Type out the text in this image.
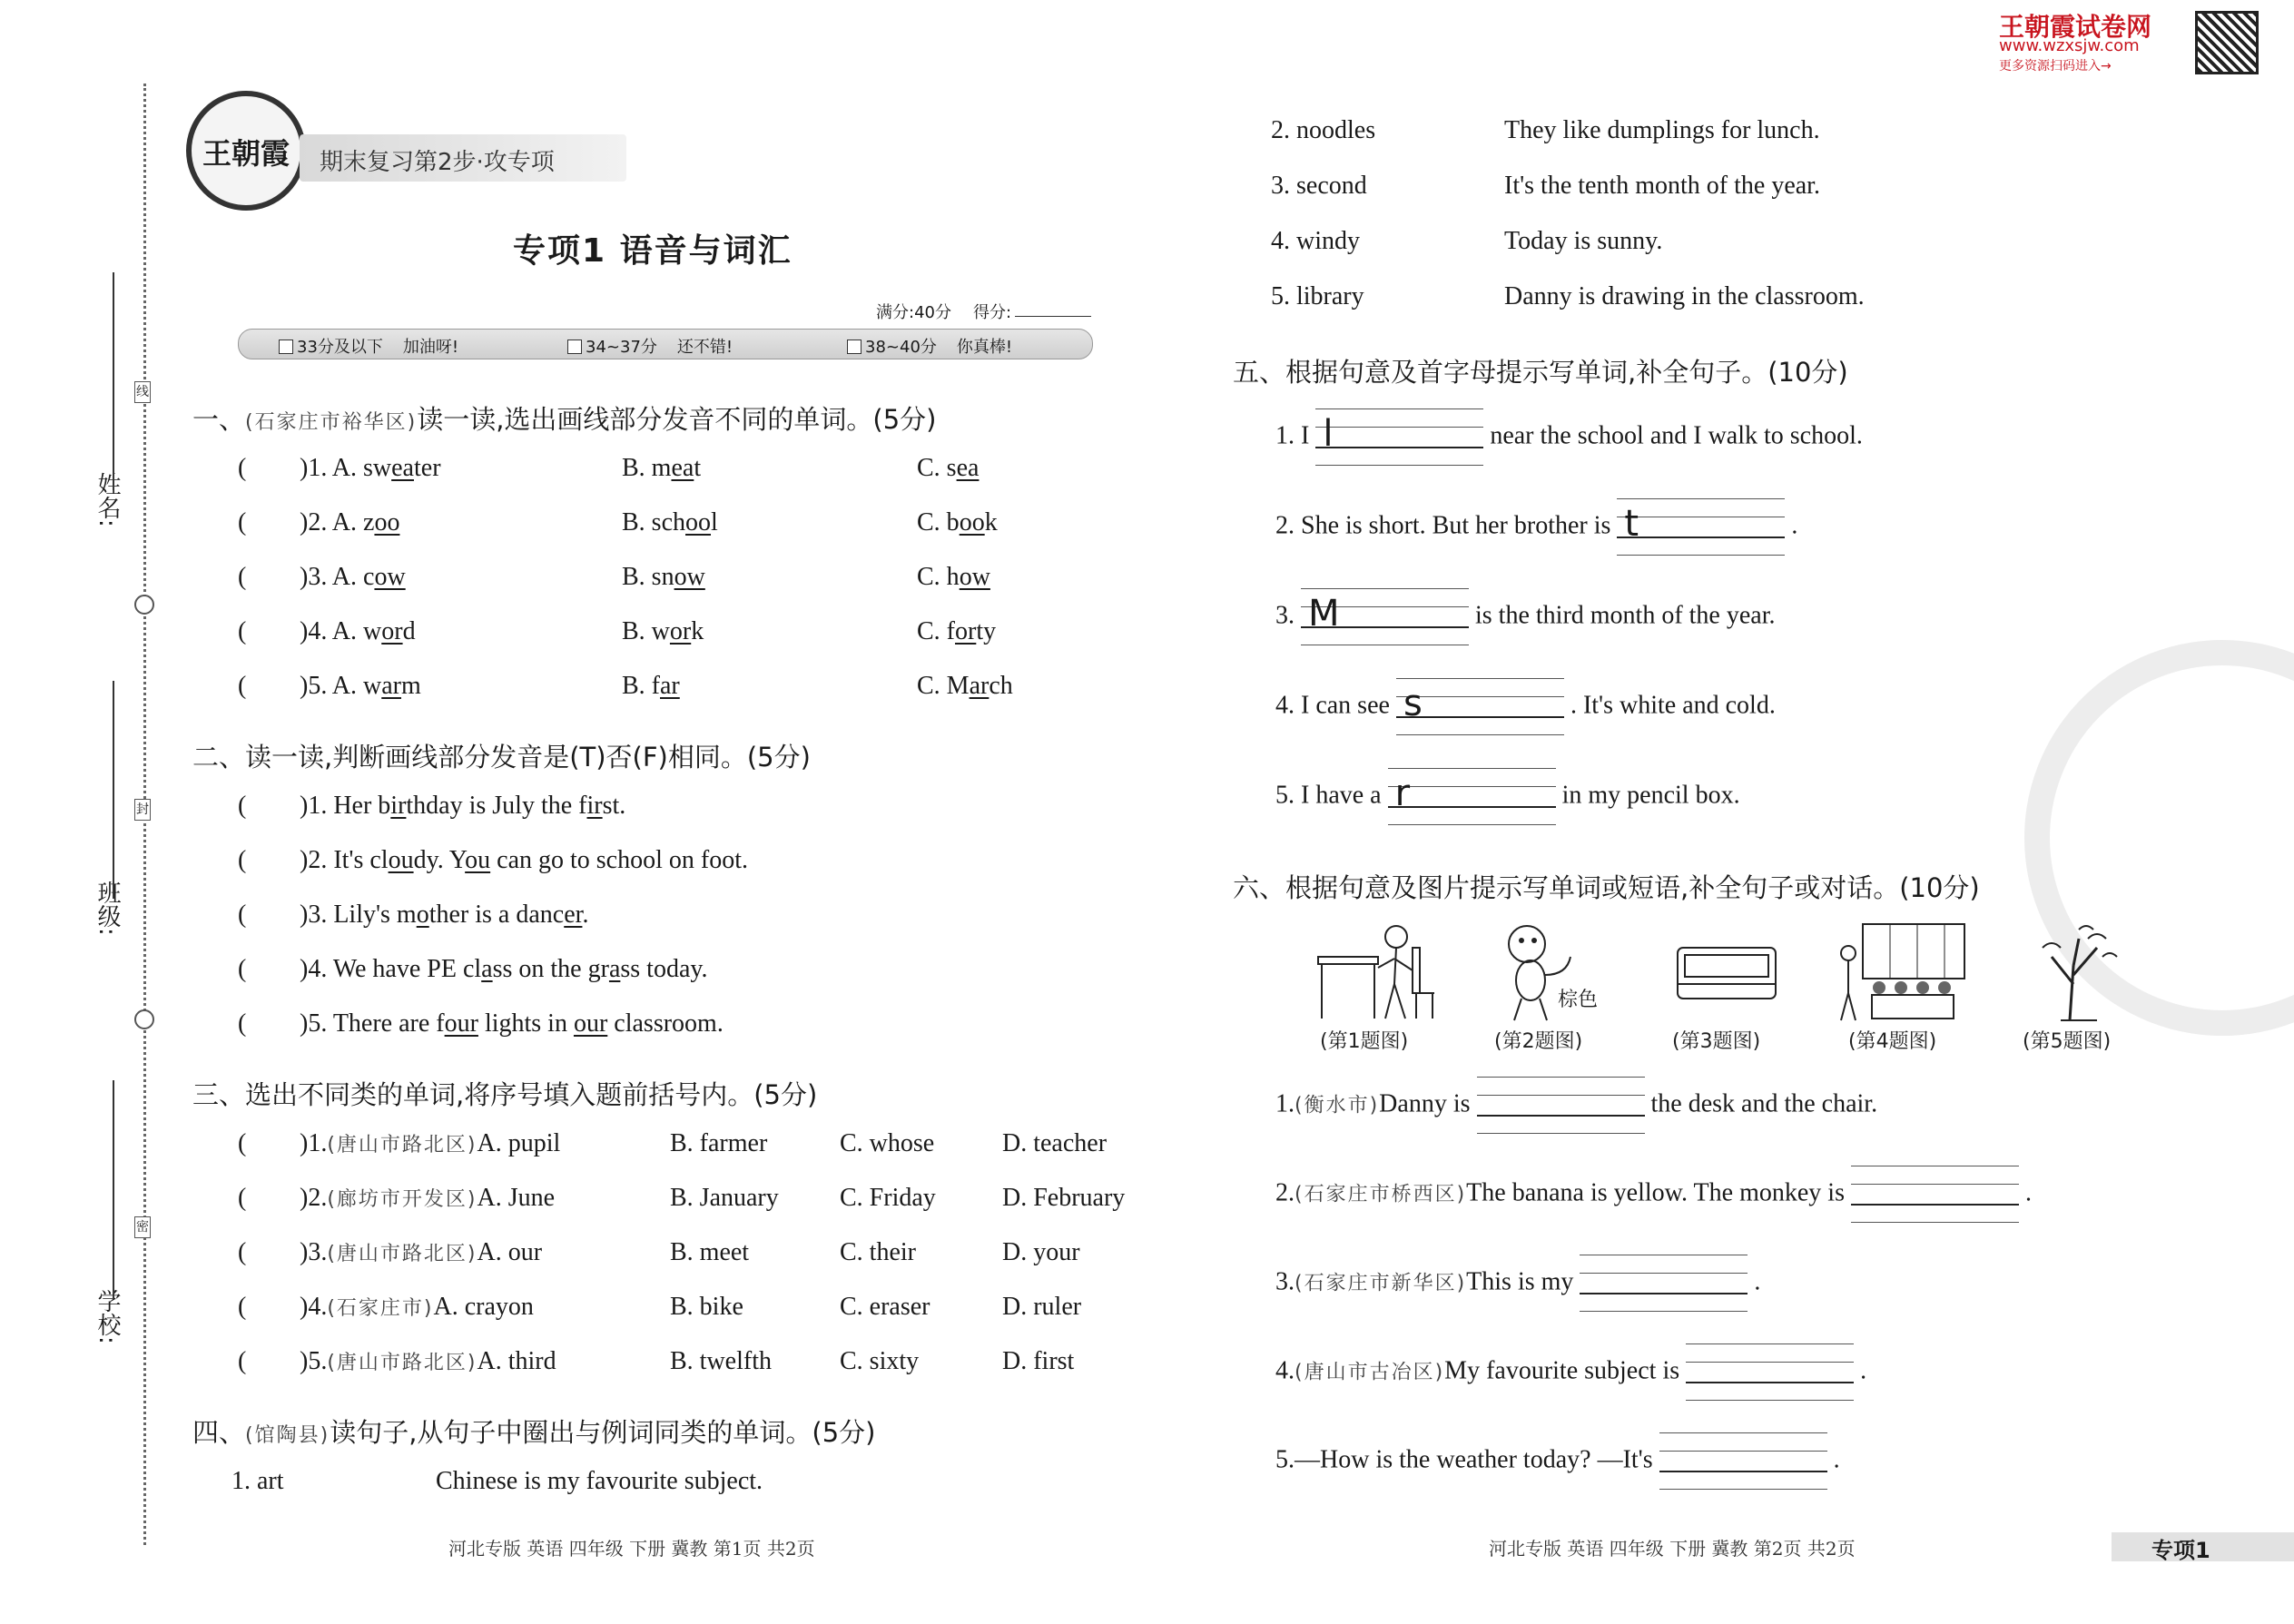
姓名:
班级:
学校:
线
封
密
王朝霞	期末复习第2步·攻专项
专项1 语音与词汇
满分:40分 得分:
33分及以下 加油呀!	34~37分 还不错!	38~40分 你真棒!
王朝霞试卷网
www.wzxsjw.com
更多资源扫码进入→
一、(石家庄市裕华区)读一读,选出画线部分发音不同的单词。(5分)
( )1. A. sweater	B. meat	C. sea
( )2. A. zoo	B. school	C. book
( )3. A. cow	B. snow	C. how
( )4. A. word	B. work	C. forty
( )5. A. warm	B. far	C. March
二、读一读,判断画线部分发音是(T)否(F)相同。(5分)
( )1. Her birthday is July the first.
( )2. It's cloudy. You can go to school on foot.
( )3. Lily's mother is a dancer.
( )4. We have PE class on the grass today.
( )5. There are four lights in our classroom.
三、选出不同类的单词,将序号填入题前括号内。(5分)
( )1.(唐山市路北区)A. pupil	B. farmer	C. whose	D. teacher
( )2.(廊坊市开发区)A. June	B. January C. Friday	D. February
( )3.(唐山市路北区)A. our	B. meet	C. their	D. your
( )4.(石家庄市)A. crayon	B. bike	C. eraser	D. ruler
( )5.(唐山市路北区)A. third	B. twelfth	C. sixty	D. first
四、(馆陶县)读句子,从句子中圈出与例词同类的单词。(5分)
1. art	Chinese is my favourite subject.
2. noodles	They like dumplings for lunch.
3. second	It's the tenth month of the year.
4. windy	Today is sunny.
5. library	Danny is drawing in the classroom.
五、根据句意及首字母提示写单词,补全句子。(10分)
1. I l	near the school and I walk to school.
2. She is short. But her brother is t	.
3. M	is the third month of the year.
4. I can see s	. It's white and cold.
5. I have a r	in my pencil box.
六、根据句意及图片提示写单词或短语,补全句子或对话。(10分)
棕色
(第1题图)	(第2题图)	(第3题图)	(第4题图)	(第5题图)
1.(衡水市)Danny is	the desk and the chair.
2.(石家庄市桥西区)The banana is yellow. The monkey is	.
3.(石家庄市新华区)This is my	.
4.(唐山市古冶区)My favourite subject is	.
5.—How is the weather today? —It's	.
河北专版 英语 四年级 下册 冀教 第1页 共2页	河北专版 英语 四年级 下册 冀教 第2页 共2页	专项1
